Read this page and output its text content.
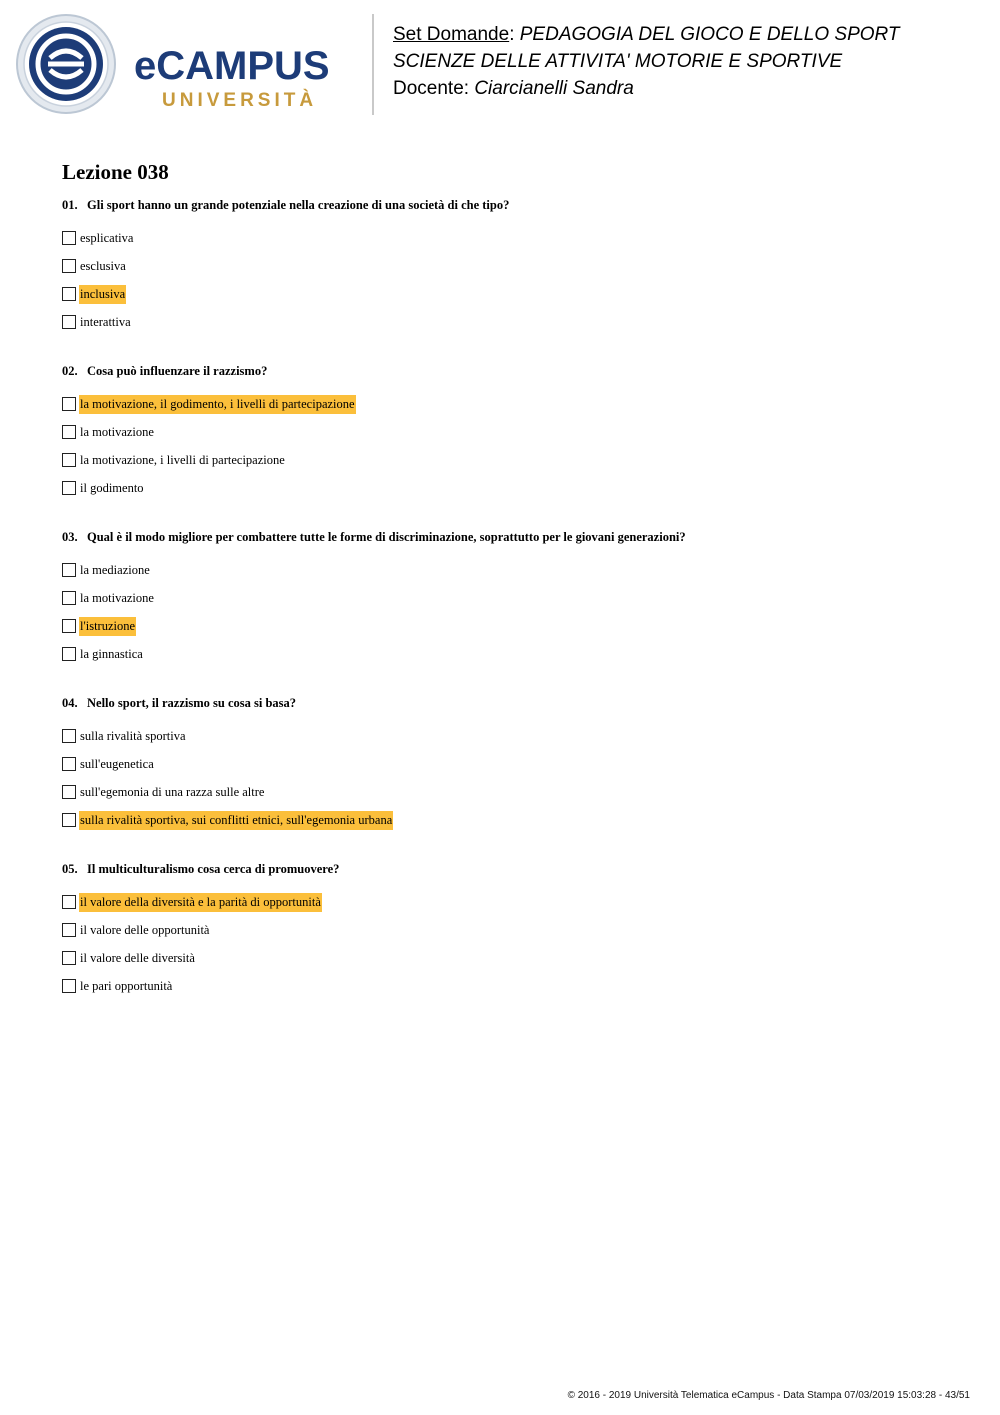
eCAMPUS
UNIVERSITÀ
Set Domande: PEDAGOGIA DEL GIOCO E DELLO SPORT
SCIENZE DELLE ATTIVITA' MOTORIE E SPORTIVE
Docente: Ciarcianelli Sandra
Lezione 038
01. Gli sport hanno un grande potenziale nella creazione di una società di che tipo?
esplicativa
esclusiva
inclusiva
interattiva
02. Cosa può influenzare il razzismo?
la motivazione, il godimento, i livelli di partecipazione
la motivazione
la motivazione, i livelli di partecipazione
il godimento
03. Qual è il modo migliore per combattere tutte le forme di discriminazione, soprattutto per le giovani generazioni?
la mediazione
la motivazione
l'istruzione
la ginnastica
04. Nello sport, il razzismo su cosa si basa?
sulla rivalità sportiva
sull'eugenetica
sull'egemonia di una razza sulle altre
sulla rivalità sportiva, sui conflitti etnici, sull'egemonia urbana
05. Il multiculturalismo cosa cerca di promuovere?
il valore della diversità e la parità di opportunità
il valore delle opportunità
il valore delle diversità
le pari opportunità
© 2016 - 2019 Università Telematica eCampus - Data Stampa 07/03/2019 15:03:28 - 43/51
